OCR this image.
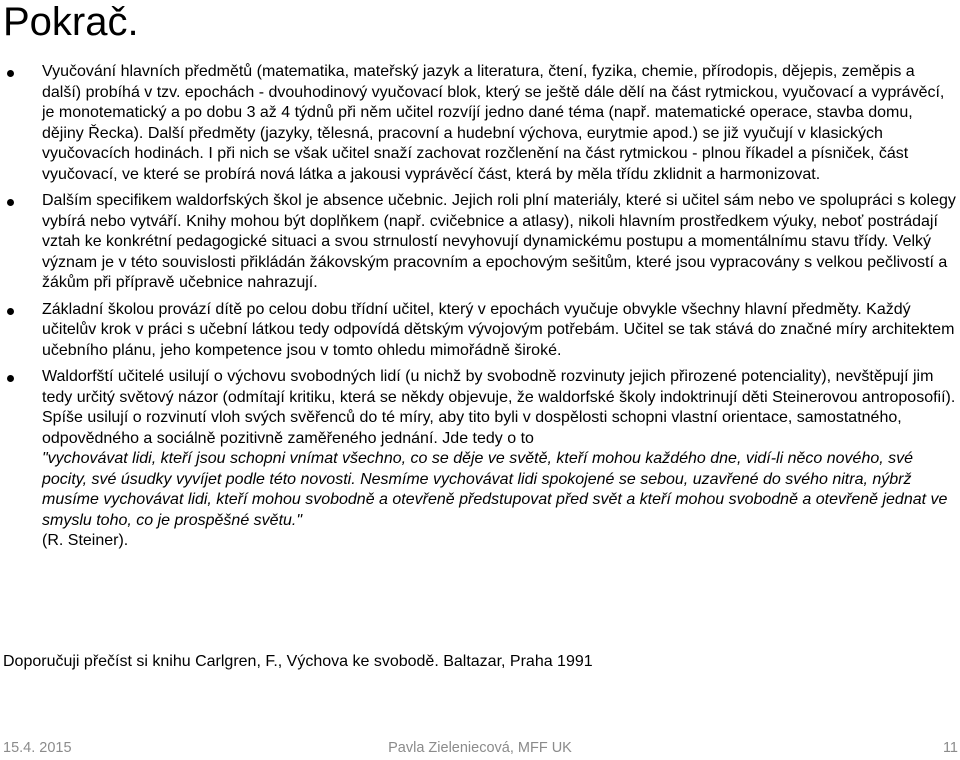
Pokrač.
Vyučování hlavních předmětů (matematika, mateřský jazyk a literatura, čtení, fyzika, chemie, přírodopis, dějepis, zeměpis a další) probíhá v tzv. epochách - dvouhodinový vyučovací blok, který se ještě dále dělí na část rytmickou, vyučovací a vyprávěcí, je monotematický a po dobu 3 až 4 týdnů při něm učitel rozvíjí jedno dané téma (např. matematické operace, stavba domu, dějiny Řecka). Další předměty (jazyky, tělesná, pracovní a hudební výchova, eurytmie apod.) se již vyučují v klasických vyučovacích hodinách. I při nich se však učitel snaží zachovat rozčlenění na část rytmickou - plnou říkadel a písniček, část vyučovací, ve které se probírá nová látka a jakousi vyprávěcí část, která by měla třídu zklidnit a harmonizovat.
Dalším specifikem waldorfských škol je absence učebnic. Jejich roli plní materiály, které si učitel sám nebo ve spolupráci s kolegy vybírá nebo vytváří. Knihy mohou být doplňkem (např. cvičebnice a atlasy), nikoli hlavním prostředkem výuky, neboť postrádají vztah ke konkrétní pedagogické situaci a svou strnulostí nevyhovují dynamickému postupu a momentálnímu stavu třídy. Velký význam je v této souvislosti přikládán žákovským pracovním a epochovým sešitům, které jsou vypracovány s velkou pečlivostí a žákům při přípravě učebnice nahrazují.
Základní školou provází dítě po celou dobu třídní učitel, který v epochách vyučuje obvykle všechny hlavní předměty. Každý učitelův krok v práci s učební látkou tedy odpovídá dětským vývojovým potřebám. Učitel se tak stává do značné míry architektem učebního plánu, jeho kompetence jsou v tomto ohledu mimořádně široké.
Waldorfští učitelé usilují o výchovu svobodných lidí (u nichž by svobodně rozvinuty jejich přirozené potenciality), nevštěpují jim tedy určitý světový názor (odmítají kritiku, která se někdy objevuje, že waldorfské školy indoktrinují děti Steinerovou antroposofií). Spíše usilují o rozvinutí vloh svých svěřenců do té míry, aby tito byli v dospělosti schopni vlastní orientace, samostatného, odpovědného a sociálně pozitivně zaměřeného jednání. Jde tedy o to
"vychovávat lidi, kteří jsou schopni vnímat všechno, co se děje ve světě, kteří mohou každého dne, vidí-li něco nového, své pocity, své úsudky vyvíjet podle této novosti. Nesmíme vychovávat lidi spokojené se sebou, uzavřené do svého nitra, nýbrž musíme vychovávat lidi, kteří mohou svobodně a otevřeně předstupovat před svět a kteří mohou svobodně a otevřeně jednat ve smyslu toho, co je prospěšné světu."
(R. Steiner).
Doporučuji přečíst si knihu Carlgren, F., Výchova ke svobodě. Baltazar, Praha 1991
15.4. 2015	Pavla Zieleniecová, MFF UK	11
